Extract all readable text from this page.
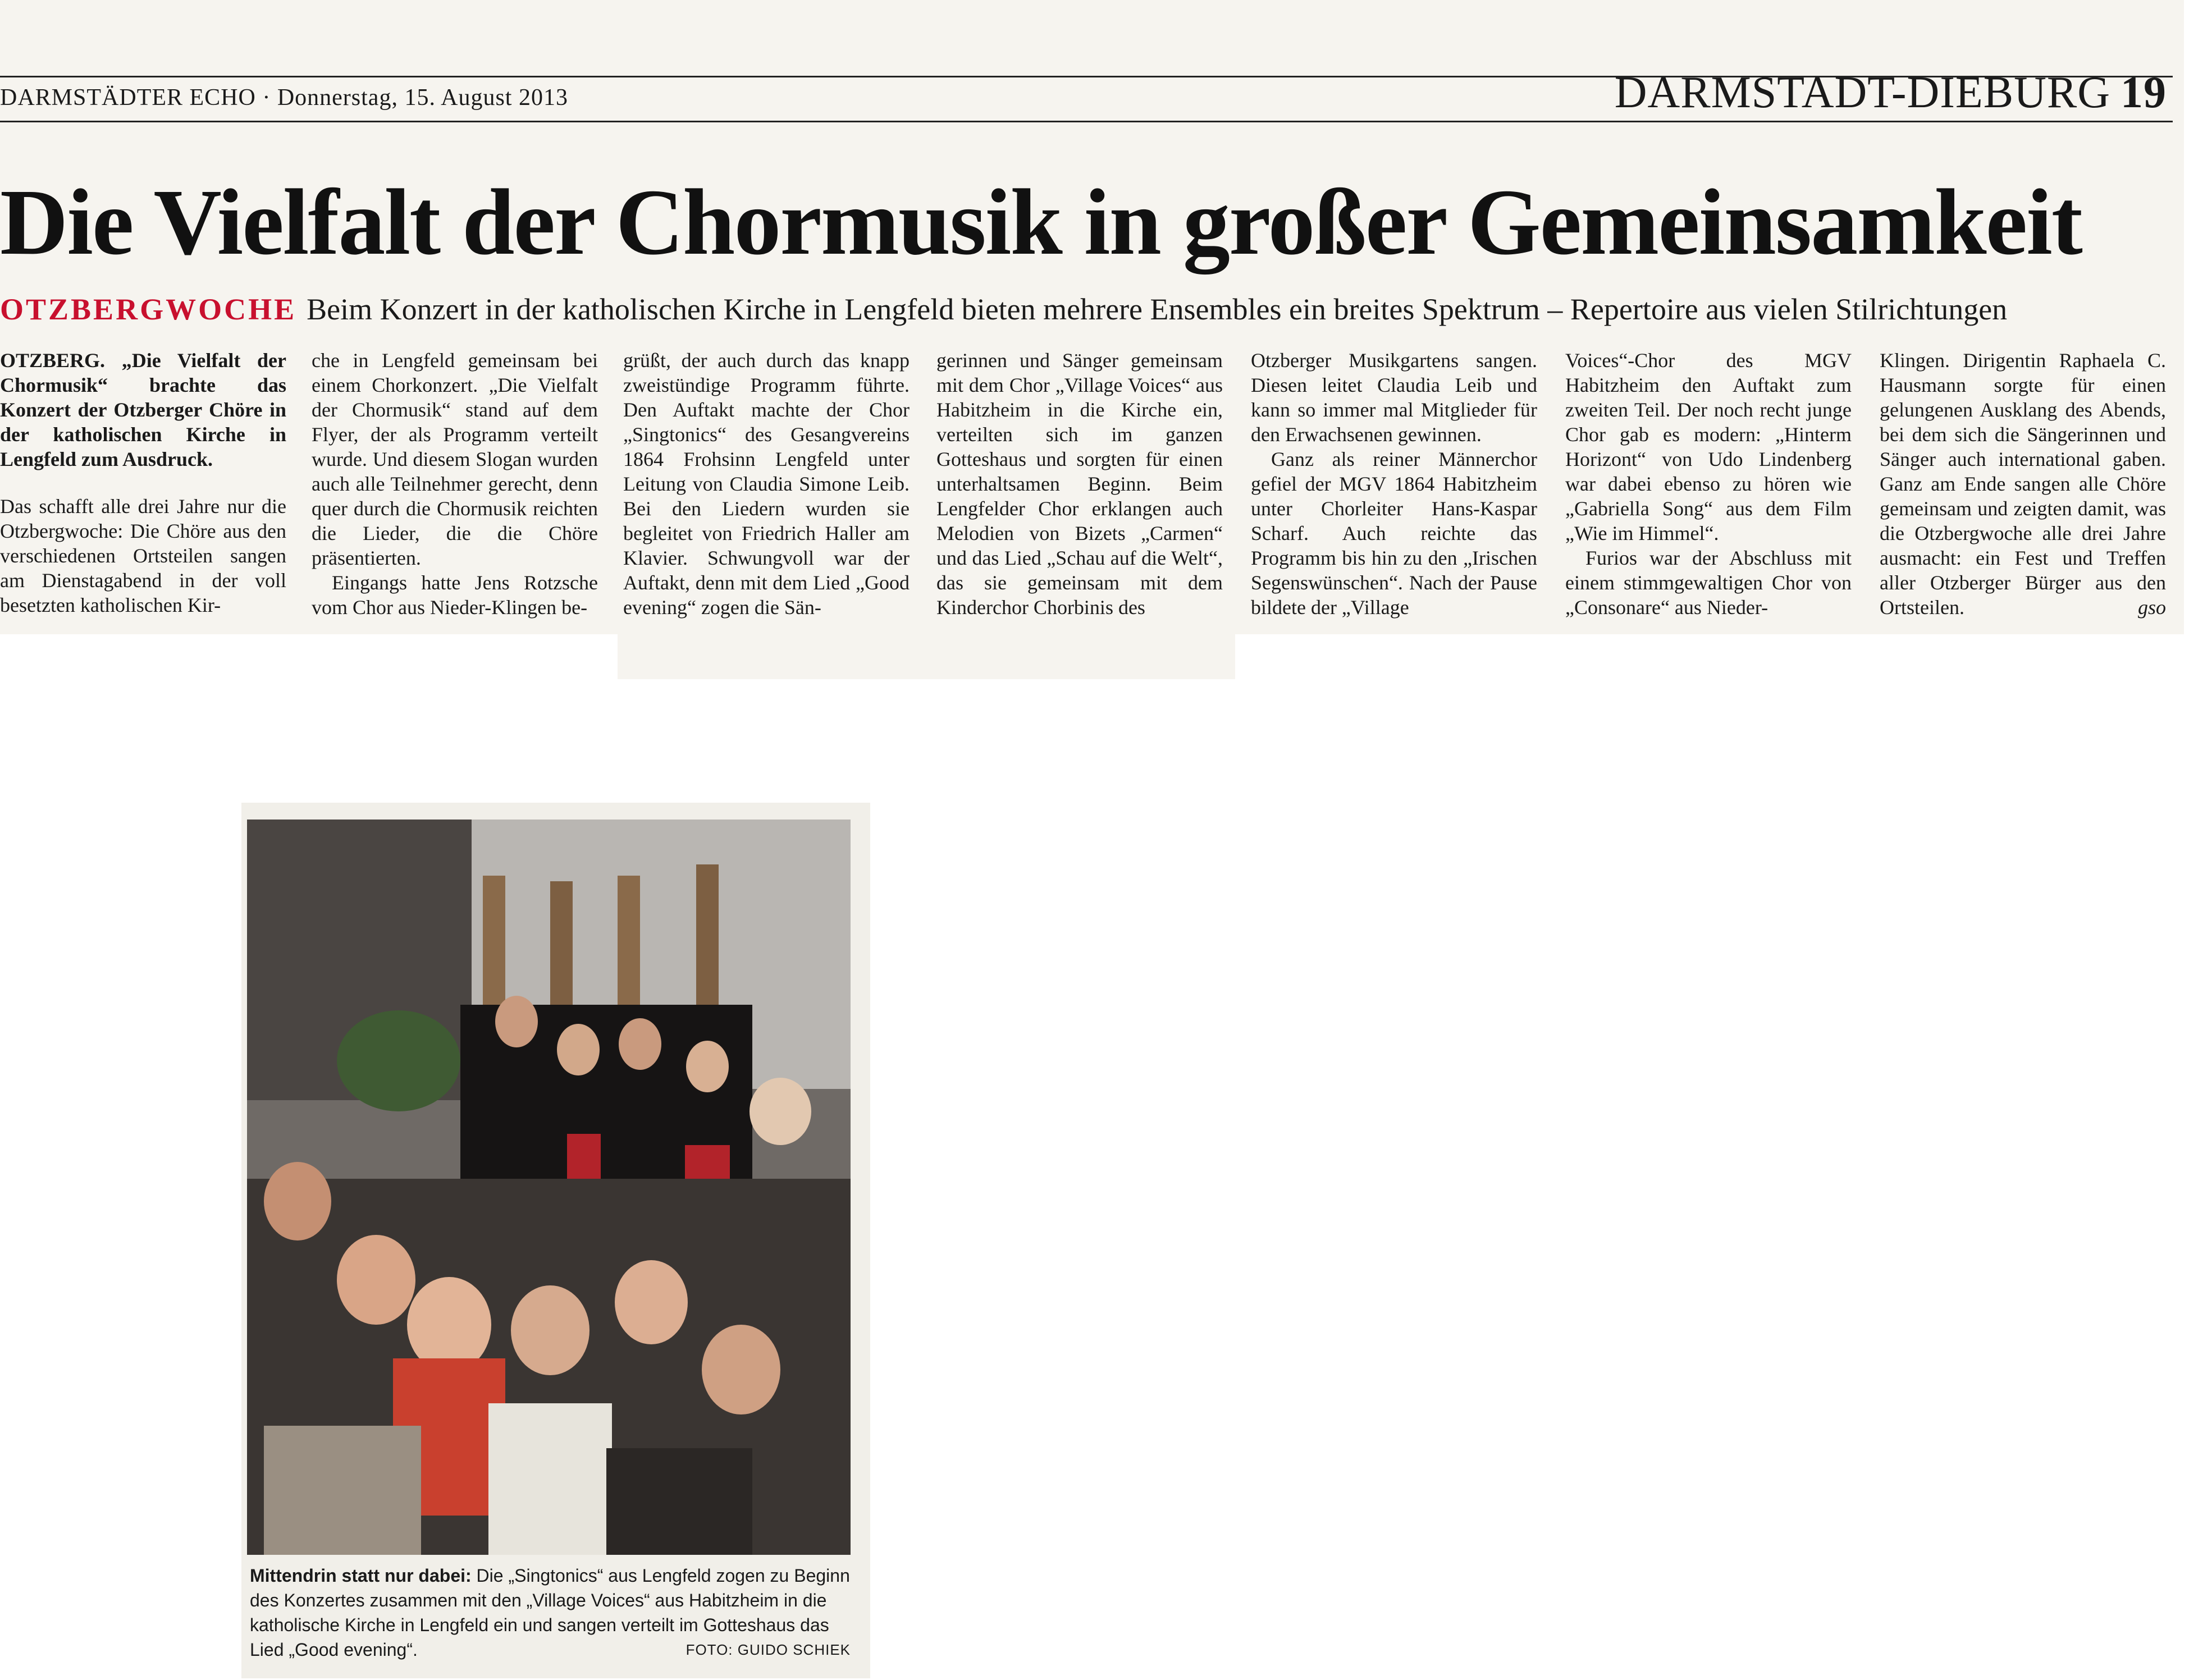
DARMSTÄDTER ECHO · Donnerstag, 15. August 2013	DARMSTADT-DIEBURG 19
Die Vielfalt der Chormusik in großer Gemeinsamkeit
OTZBERGWOCHE Beim Konzert in der katholischen Kirche in Lengfeld bieten mehrere Ensembles ein breites Spektrum – Repertoire aus vielen Stilrichtungen

OTZBERG. „Die Vielfalt der Chormusik“ brachte das Konzert der Otzberger Chöre in der katholischen Kirche in Lengfeld zum Ausdruck.

Das schafft alle drei Jahre nur die Otzbergwoche: Die Chöre aus den verschiedenen Ortsteilen sangen am Dienstagabend in der voll besetzten katholischen Kir-

che in Lengfeld gemeinsam bei einem Chorkonzert. „Die Vielfalt der Chormusik“ stand auf dem Flyer, der als Programm verteilt wurde. Und diesem Slogan wurden auch alle Teilnehmer gerecht, denn quer durch die Chormusik reichten die Lieder, die die Chöre präsentierten.

Eingangs hatte Jens Rotzsche vom Chor aus Nieder-Klingen be-

grüßt, der auch durch das knapp zweistündige Programm führte. Den Auftakt machte der Chor „Singtonics“ des Gesangvereins 1864 Frohsinn Lengfeld unter Leitung von Claudia Simone Leib. Bei den Liedern wurden sie begleitet von Friedrich Haller am Klavier. Schwungvoll war der Auftakt, denn mit dem Lied „Good evening“ zogen die Sän-

gerinnen und Sänger gemeinsam mit dem Chor „Village Voices“ aus Habitzheim in die Kirche ein, verteilten sich im ganzen Gotteshaus und sorgten für einen unterhaltsamen Beginn. Beim Lengfelder Chor erklangen auch Melodien von Bizets „Carmen“ und das Lied „Schau auf die Welt“, das sie gemeinsam mit dem Kinderchor Chorbinis des

Otzberger Musikgartens sangen. Diesen leitet Claudia Leib und kann so immer mal Mitglieder für den Erwachsenen gewinnen.

Ganz als reiner Männerchor gefiel der MGV 1864 Habitzheim unter Chorleiter Hans-Kaspar Scharf. Auch reichte das Programm bis hin zu den „Irischen Segenswünschen“. Nach der Pause bildete der „Village

Voices“-Chor des MGV Habitzheim den Auftakt zum zweiten Teil. Der noch recht junge Chor gab es modern: „Hinterm Horizont“ von Udo Lindenberg war dabei ebenso zu hören wie „Gabriella Song“ aus dem Film „Wie im Himmel“.

Furios war der Abschluss mit einem stimmgewaltigen Chor von „Consonare“ aus Nieder-

Klingen. Dirigentin Raphaela C. Hausmann sorgte für einen gelungenen Ausklang des Abends, bei dem sich die Sängerinnen und Sänger auch international gaben. Ganz am Ende sangen alle Chöre gemeinsam und zeigten damit, was die Otzbergwoche alle drei Jahre ausmacht: ein Fest und Treffen aller Otzberger Bürger aus den Ortsteilen.	gso

Mittendrin statt nur dabei: Die „Singtonics“ aus Lengfeld zogen zu Beginn des Konzertes zusammen mit den „Village Voices“ aus Habitzheim in die katholische Kirche in Lengfeld ein und sangen verteilt im Gotteshaus das Lied „Good evening“.	FOTO: GUIDO SCHIEK
